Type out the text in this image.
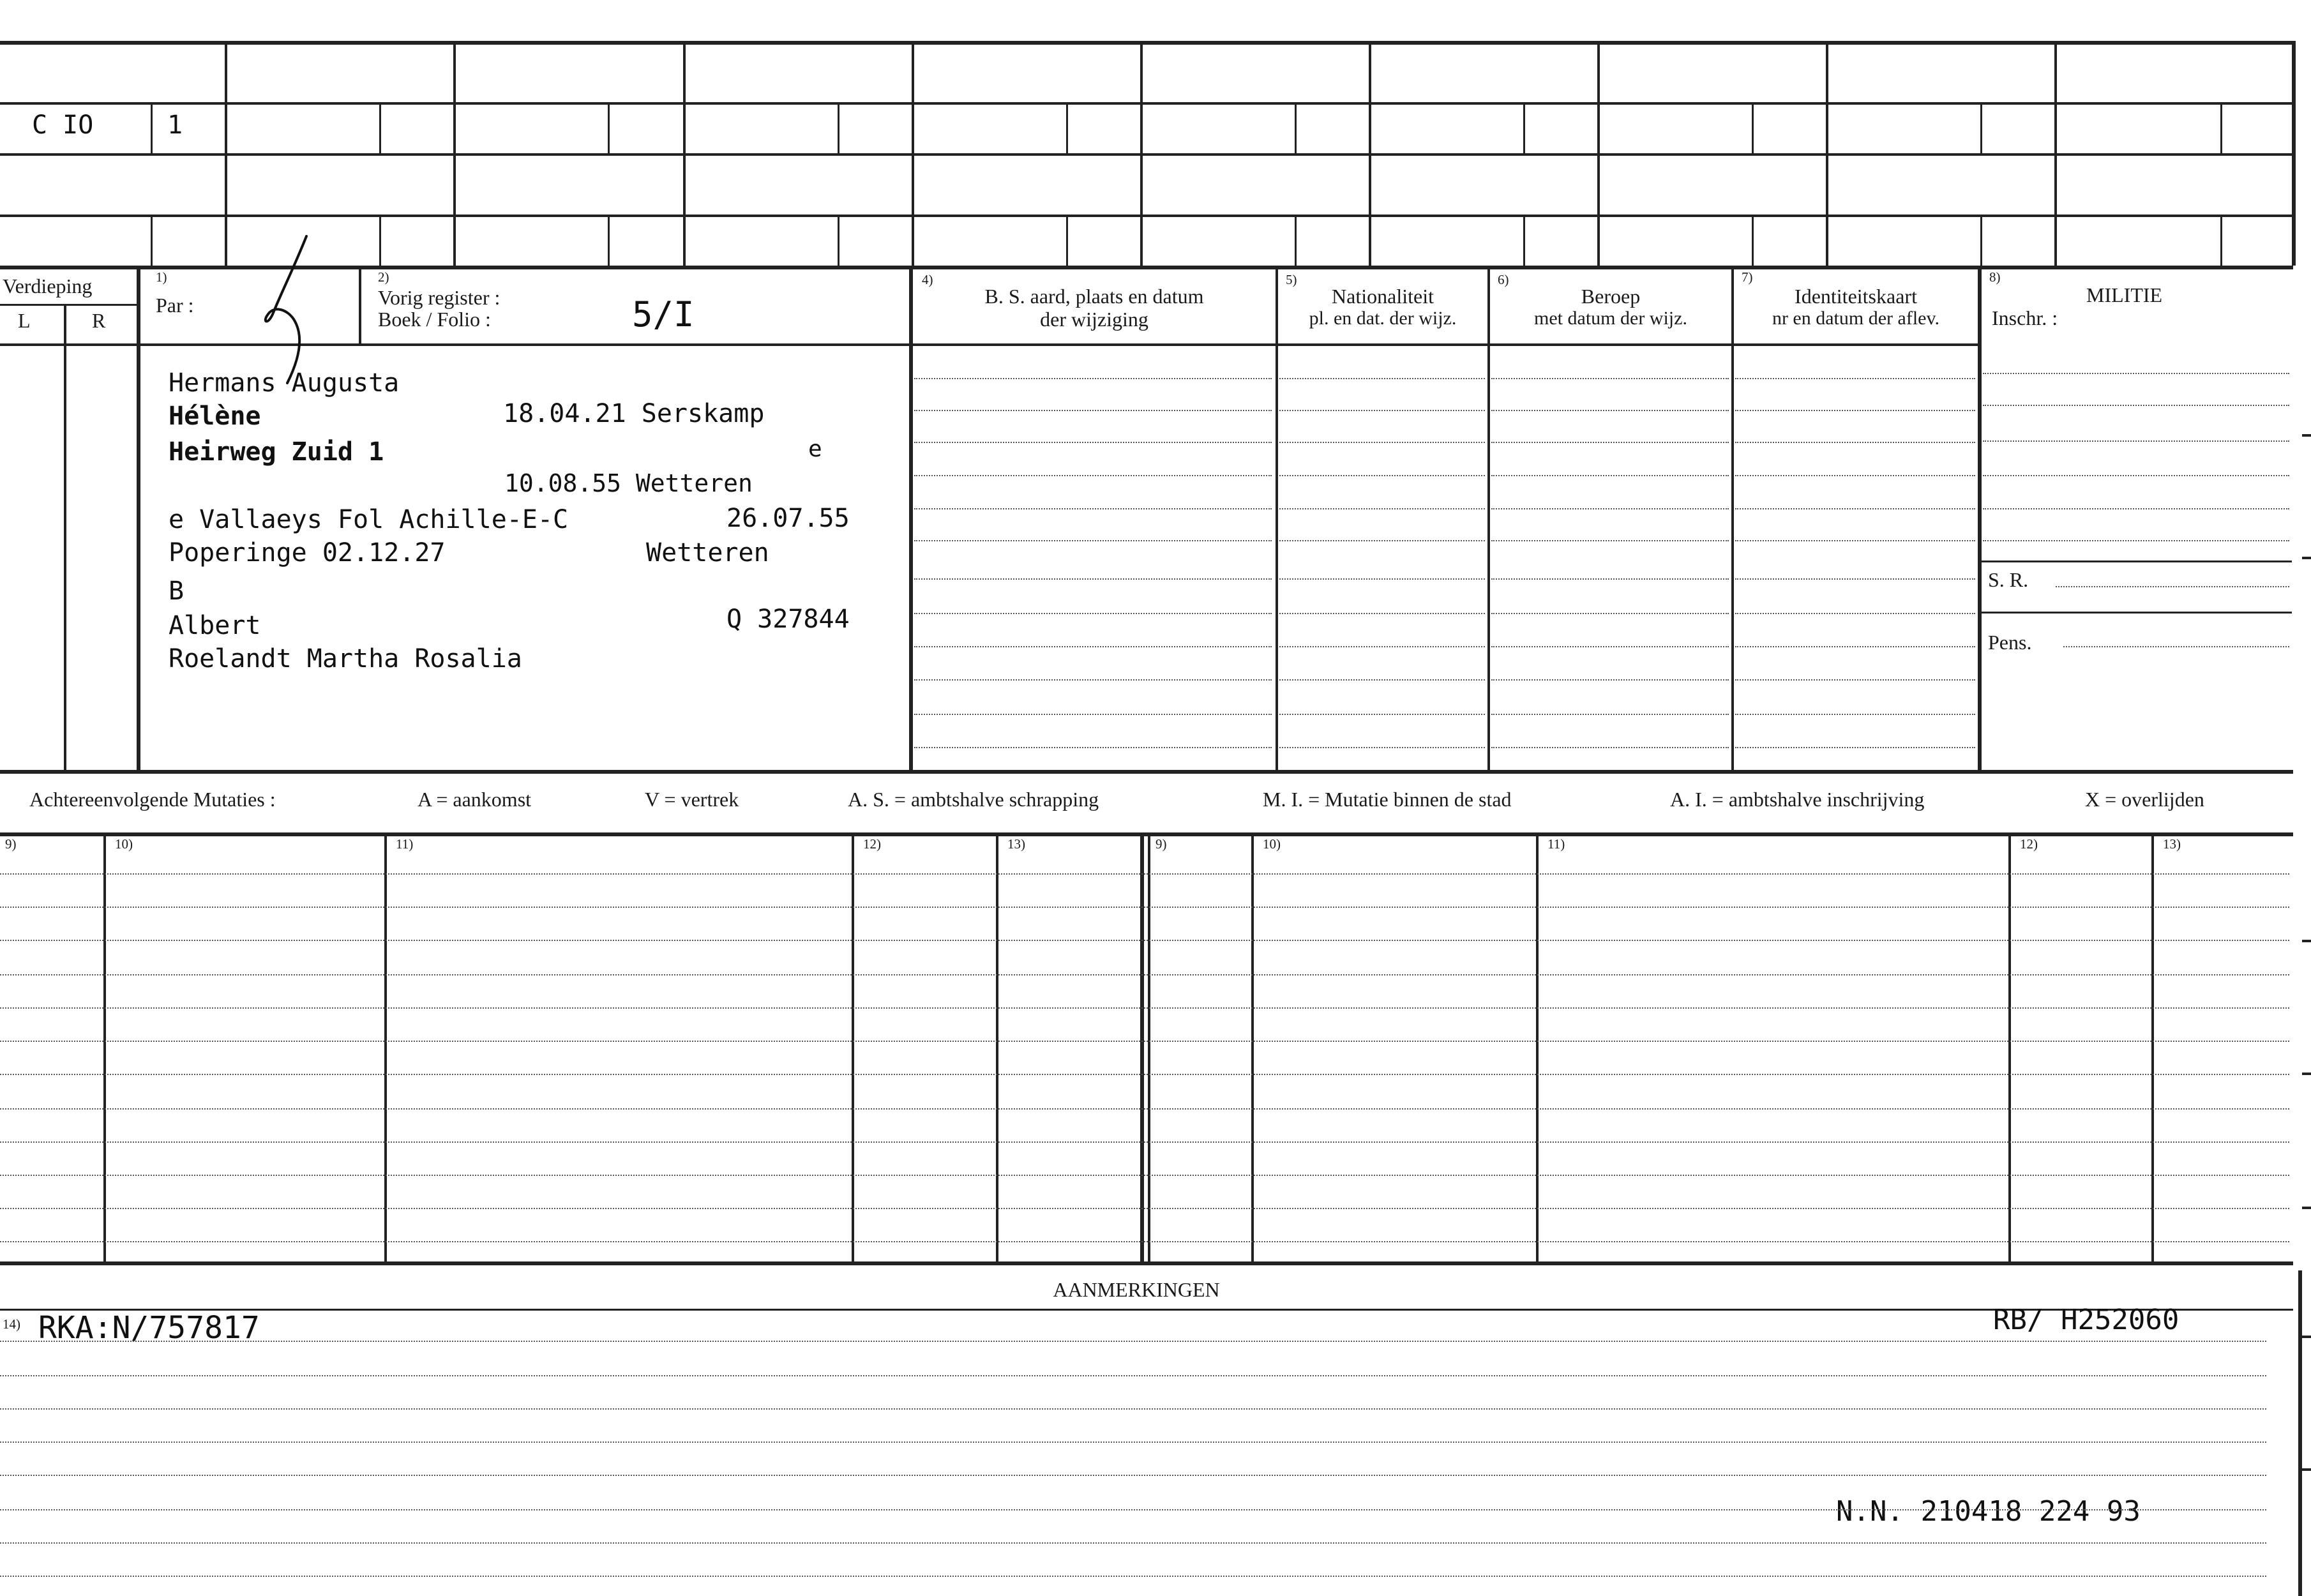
C IO	1
Verdieping
L	R
1)
Par :
2)
Vorig register :
Boek / Folio :	5/I
4)
B. S. aard, plaats en datum
der wijziging
5)
Nationaliteit
pl. en dat. der wijz.
6)
Beroep
met datum der wijz.
7)
Identiteitskaart
nr en datum der aflev.
8)
MILITIE
Inschr. :
Hermans Augusta
Hélène	18.04.21 Serskamp
Heirweg Zuid 1	e
10.08.55 Wetteren
e Vallaeys Fol Achille-E-C	26.07.55
Poperinge 02.12.27	Wetteren
B
Albert	Q 327844
Roelandt Martha Rosalia
S. R.
Pens.
Achtereenvolgende Mutaties :	A = aankomst	V = vertrek	A. S. = ambtshalve schrapping	M. I. = Mutatie binnen de stad	A. I. = ambtshalve inschrijving	X = overlijden
9)	10)	11)	12)	13)	9)	10)	11)	12)	13)
AANMERKINGEN
14) RKA:N/757817	RB/ H252060
N.N. 210418 224 93
